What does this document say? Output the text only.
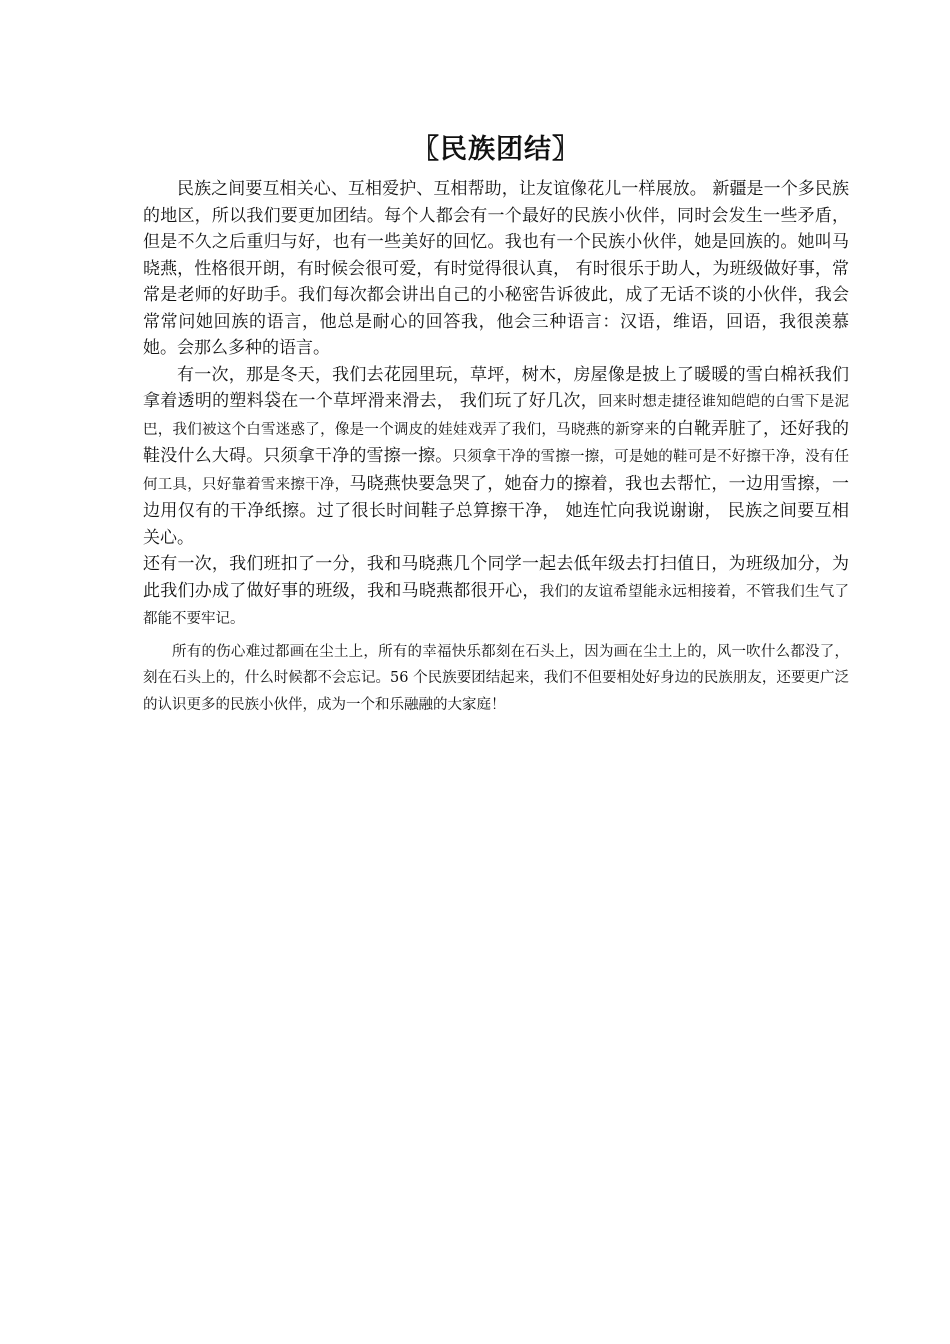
〖民族团结〗

民族之间要互相关心、互相爱护、互相帮助，让友谊像花儿一样展放。 新疆是一个多民族的地区，所以我们要更加团结。每个人都会有一个最好的民族小伙伴，同时会发生一些矛盾，但是不久之后重归与好，也有一些美好的回忆。我也有一个民族小伙伴，她是回族的。她叫马晓燕，性格很开朗，有时候会很可爱，有时觉得很认真， 有时很乐于助人，为班级做好事，常常是老师的好助手。我们每次都会讲出自己的小秘密告诉彼此，成了无话不谈的小伙伴，我会常常问她回族的语言，他总是耐心的回答我，他会三种语言：汉语，维语，回语，我很羡慕她。会那么多种的语言。

有一次，那是冬天，我们去花园里玩，草坪，树木，房屋像是披上了暖暖的雪白棉袄我们拿着透明的塑料袋在一个草坪滑来滑去， 我们玩了好几次，回来时想走捷径谁知皑皑的白雪下是泥巴，我们被这个白雪迷惑了，像是一个调皮的娃娃戏弄了我们，马晓燕的新穿来的白靴弄脏了，还好我的鞋没什么大碍。只须拿干净的雪擦一擦。只须拿干净的雪擦一擦，可是她的鞋可是不好擦干净，没有任何工具，只好靠着雪来擦干净，马晓燕快要急哭了，她奋力的擦着，我也去帮忙，一边用雪擦，一边用仅有的干净纸擦。过了很长时间鞋子总算擦干净， 她连忙向我说谢谢， 民族之间要互相关心。

还有一次，我们班扣了一分，我和马晓燕几个同学一起去低年级去打扫值日，为班级加分，为此我们办成了做好事的班级，我和马晓燕都很开心，我们的友谊希望能永远相接着，不管我们生气了都能不要牢记。

所有的伤心难过都画在尘土上，所有的幸福快乐都刻在石头上，因为画在尘土上的，风一吹什么都没了，刻在石头上的，什么时候都不会忘记。56 个民族要团结起来，我们不但要相处好身边的民族朋友，还要更广泛的认识更多的民族小伙伴，成为一个和乐融融的大家庭！
